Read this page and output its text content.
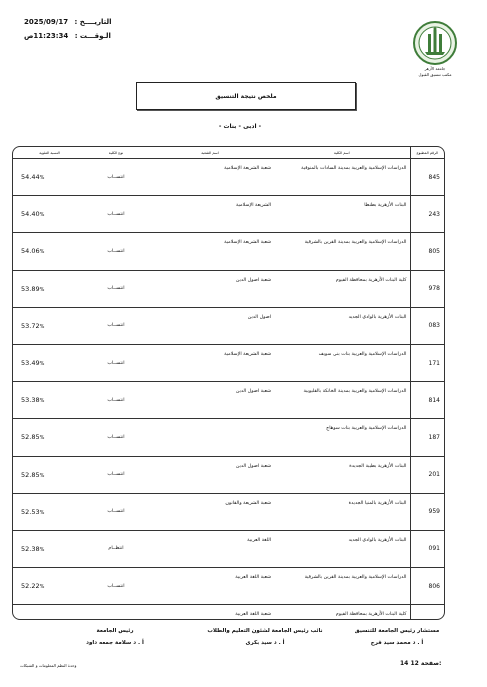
جامعة الأزهر
مكتب تنسيق القبول
التاريــــخ : 2025/09/17
الـوقـــت : 11:23:34ص
ملخص نتيجة التنسيق
- ادبى - بنات -
الرقم المطبوع	اسم الكلية	اسم الشعبة	نوع الكلية	النسبة المئوية
845	الدراسات الإسلامية والعربية بمدينة السادات بالمنوفية	شعبة الشريعة الإسلامية	انتســاب	54.44%
243	البنات الأزهرية بطنطا	الشريعة الإسلامية	انتســاب	54.40%
805	الدراسات الإسلامية والعربية بمدينة القرين بالشرقية	شعبة الشريعة الإسلامية	انتســاب	54.06%
978	كلية البنات الأزهرية بمحافظة الفيوم	شعبة اصول الدين	انتســاب	53.89%
083	البنات الأزهرية بالوادي الجديد	اصول الدين	انتســاب	53.72%
171	الدراسات الإسلامية والعربية بنات بنى سويف	شعبة الشريعة الإسلامية	انتســاب	53.49%
814	الدراسات الإسلامية والعربية بمدينة الخانكة بالقليوبية	شعبة اصول الدين	انتســاب	53.38%
187	الدراسات الإسلامية والعربية بنات سوهاج		انتســاب	52.85%
201	البنات الأزهرية بطيبة الجديدة	شعبة اصول الدين	انتســاب	52.85%
959	البنات الأزهرية بالمنيا الجديدة	شعبة الشريعة والقانون	انتســاب	52.53%
091	البنات الأزهرية بالوادي الجديد	اللغة العربية	انتظــام	52.38%
806	الدراسات الإسلامية والعربية بمدينة القرين بالشرقية	شعبة اللغة العربية	انتســاب	52.22%
	كلية البنات الأزهرية بمحافظة الفيوم	شعبة اللغة العربية		

مستشار رئيس الجامعة للتنسيق
أ . د محمد سيد فرج
نائب رئيس الجامعة لشئون التعليم والطلاب
أ . د سيد بكرى
رئيس الجامعة
أ . د سلامة جمعه داود
14 12 صفحة:
وحدة النظم المعلومات و الشبكات
